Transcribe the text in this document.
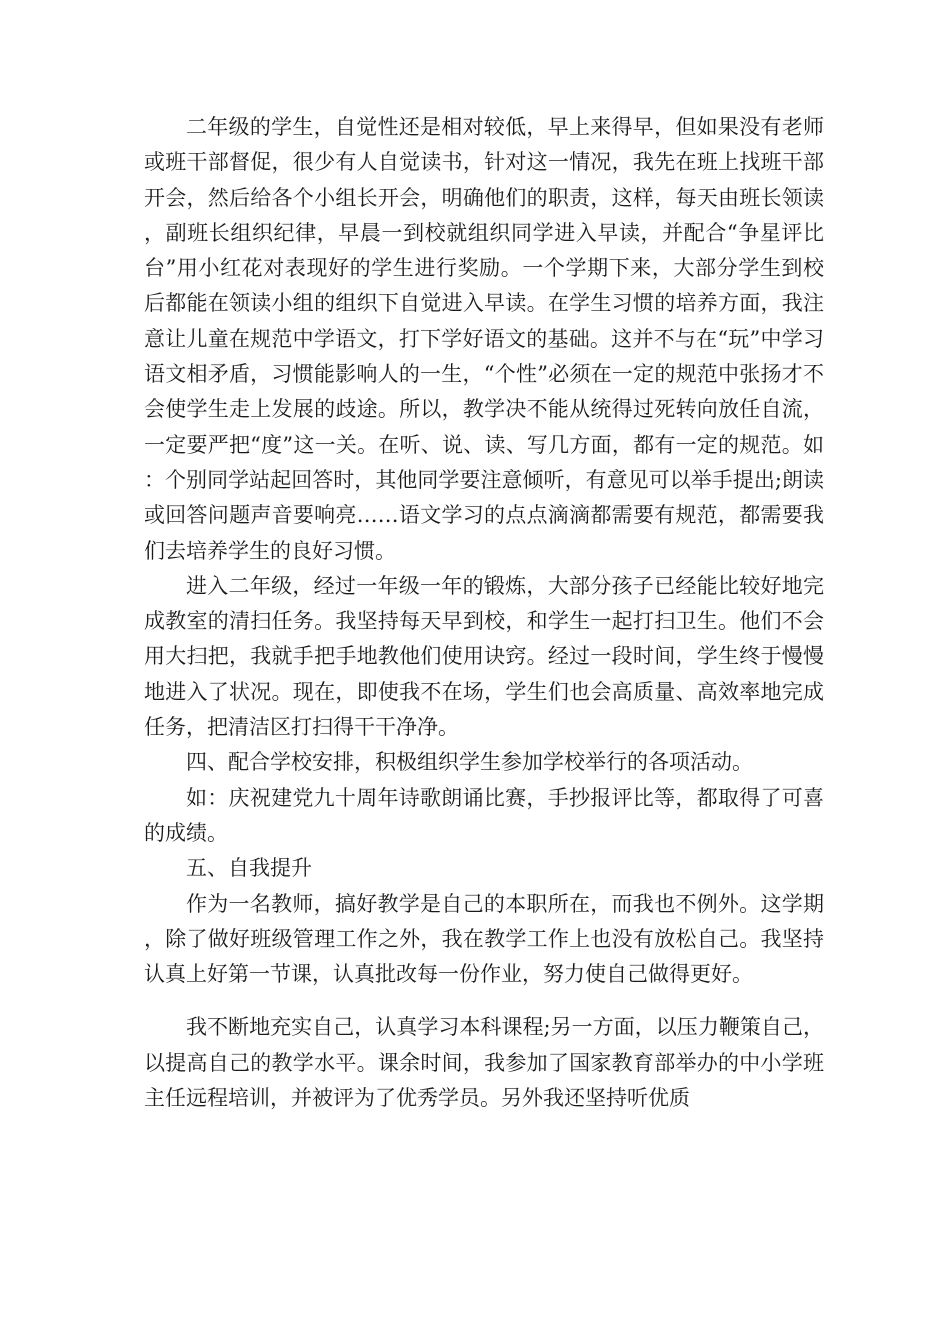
二年级的学生，自觉性还是相对较低，早上来得早，但如果没有老师或班干部督促，很少有人自觉读书，针对这一情况，我先在班上找班干部开会，然后给各个小组长开会，明确他们的职责，这样，每天由班长领读，副班长组织纪律，早晨一到校就组织同学进入早读，并配合“争星评比台”用小红花对表现好的学生进行奖励。一个学期下来，大部分学生到校后都能在领读小组的组织下自觉进入早读。在学生习惯的培养方面，我注意让儿童在规范中学语文，打下学好语文的基础。这并不与在“玩”中学习语文相矛盾，习惯能影响人的一生，“个性”必须在一定的规范中张扬才不会使学生走上发展的歧途。所以，教学决不能从统得过死转向放任自流，一定要严把“度”这一关。在听、说、读、写几方面，都有一定的规范。如：个别同学站起回答时，其他同学要注意倾听，有意见可以举手提出;朗读或回答问题声音要响亮……语文学习的点点滴滴都需要有规范，都需要我们去培养学生的良好习惯。

进入二年级，经过一年级一年的锻炼，大部分孩子已经能比较好地完成教室的清扫任务。我坚持每天早到校，和学生一起打扫卫生。他们不会用大扫把，我就手把手地教他们使用诀窍。经过一段时间，学生终于慢慢地进入了状况。现在，即使我不在场，学生们也会高质量、高效率地完成任务，把清洁区打扫得干干净净。

四、配合学校安排，积极组织学生参加学校举行的各项活动。

如：庆祝建党九十周年诗歌朗诵比赛，手抄报评比等，都取得了可喜的成绩。

五、自我提升

作为一名教师，搞好教学是自己的本职所在，而我也不例外。这学期，除了做好班级管理工作之外，我在教学工作上也没有放松自己。我坚持认真上好第一节课，认真批改每一份作业，努力使自己做得更好。

我不断地充实自己，认真学习本科课程;另一方面，以压力鞭策自己，以提高自己的教学水平。课余时间，我参加了国家教育部举办的中小学班主任远程培训，并被评为了优秀学员。另外我还坚持听优质
